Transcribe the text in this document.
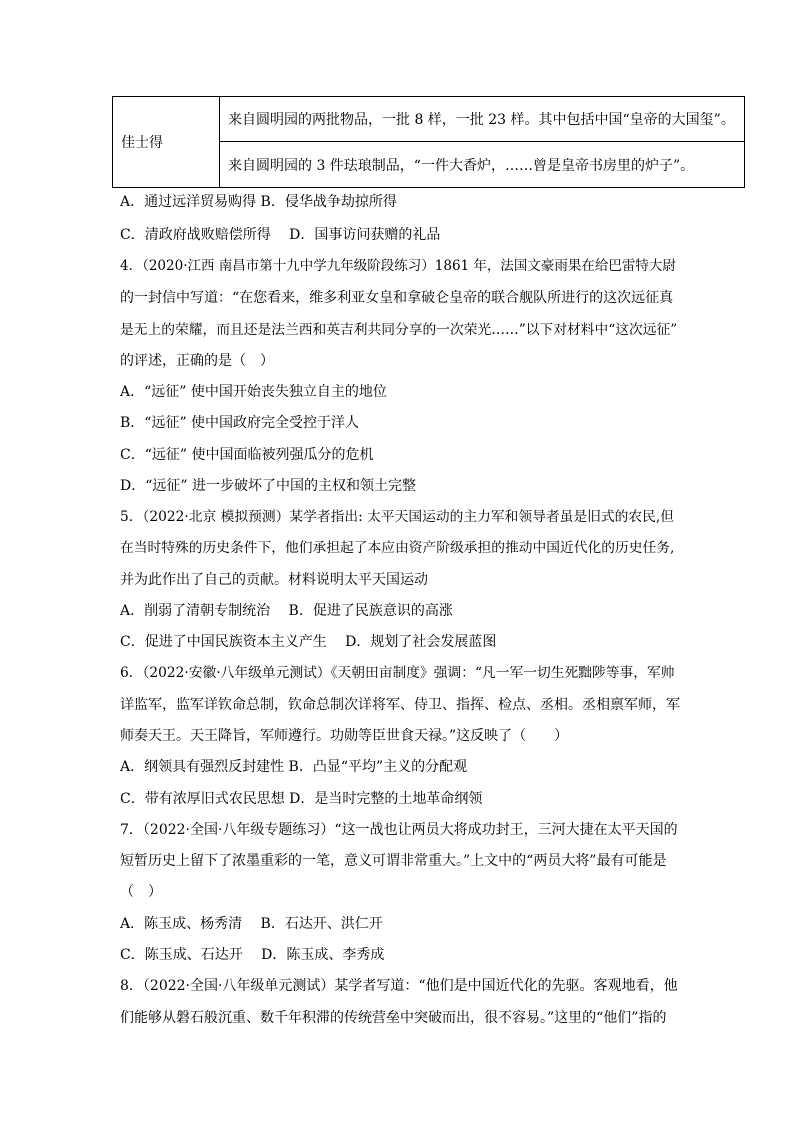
佳士得	来自圆明园的两批物品，一批 8 样，一批 23 样。其中包括中国“皇帝的大国玺”。
来自圆明园的 3 件珐琅制品，“一件大香炉，……曾是皇帝书房里的炉子”。
A．通过远洋贸易购得 B．侵华战争劫掠所得
C．清政府战败赔偿所得　 D．国事访问获赠的礼品
4．（2020·江西 南昌市第十九中学九年级阶段练习）1861 年，法国文豪雨果在给巴雷特大尉
的一封信中写道：“在您看来，维多利亚女皇和拿破仑皇帝的联合舰队所进行的这次远征真
是无上的荣耀，而且还是法兰西和英吉利共同分享的一次荣光……”以下对材料中“这次远征”
的评述，正确的是（　）
A．“远征” 使中国开始丧失独立自主的地位
B．“远征” 使中国政府完全受控于洋人
C．“远征” 使中国面临被列强瓜分的危机
D．“远征” 进一步破坏了中国的主权和领土完整
5．（2022·北京 模拟预测）某学者指出: 太平天国运动的主力军和领导者虽是旧式的农民,但
在当时特殊的历史条件下，他们承担起了本应由资产阶级承担的推动中国近代化的历史任务,
并为此作出了自己的贡献。材料说明太平天国运动
A．削弱了清朝专制统治　 B．促进了民族意识的高涨
C．促进了中国民族资本主义产生　 D．规划了社会发展蓝图
6．（2022·安徽·八年级单元测试）《天朝田亩制度》强调：“凡一军一切生死黜陟等事，军帅
详监军，监军详钦命总制，钦命总制次详将军、侍卫、指挥、检点、丞相。丞相禀军师，军
师奏天王。天王降旨，军师遵行。功勋等臣世食天禄。”这反映了（　　）
A．纲领具有强烈反封建性 B．凸显“平均”主义的分配观
C．带有浓厚旧式农民思想 D．是当时完整的土地革命纲领
7．（2022·全国·八年级专题练习）“这一战也让两员大将成功封王，三河大捷在太平天国的
短暂历史上留下了浓墨重彩的一笔，意义可谓非常重大。”上文中的“两员大将”最有可能是
（　）
A．陈玉成、杨秀清　 B．石达开、洪仁开
C．陈玉成、石达开　 D．陈玉成、李秀成
8．（2022·全国·八年级单元测试）某学者写道：“他们是中国近代化的先驱。客观地看，他
们能够从磐石般沉重、数千年积滞的传统营垒中突破而出，很不容易。”这里的“他们”指的
